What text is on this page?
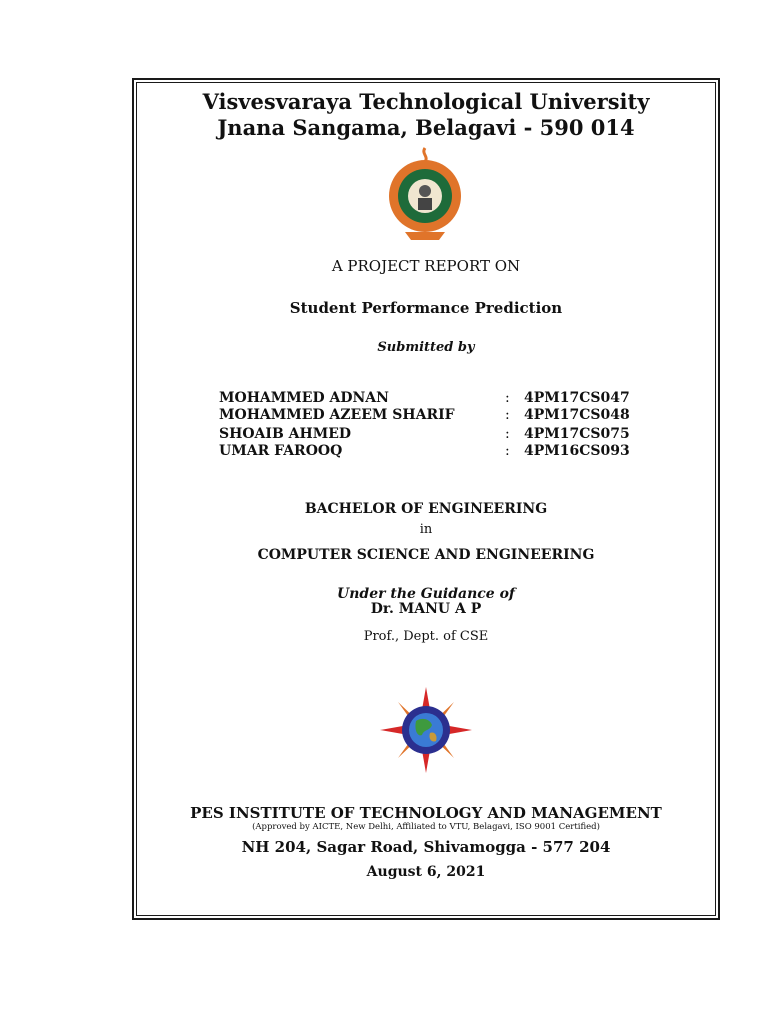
Visvesvaraya Technological University
Jnana Sangama, Belagavi - 590 014
A PROJECT REPORT ON
Student Performance Prediction
Submitted by
MOHAMMED ADNAN	: 4PM17CS047
MOHAMMED AZEEM SHARIF	: 4PM17CS048
SHOAIB AHMED	: 4PM17CS075
UMAR FAROOQ	: 4PM16CS093
BACHELOR OF ENGINEERING
in
COMPUTER SCIENCE AND ENGINEERING
Under the Guidance of
Dr. MANU A P
Prof., Dept. of CSE
PES INSTITUTE OF TECHNOLOGY AND MANAGEMENT
(Approved by AICTE, New Delhi, Affiliated to VTU, Belagavi, ISO 9001 Certified)
NH 204, Sagar Road, Shivamogga - 577 204
August 6, 2021
